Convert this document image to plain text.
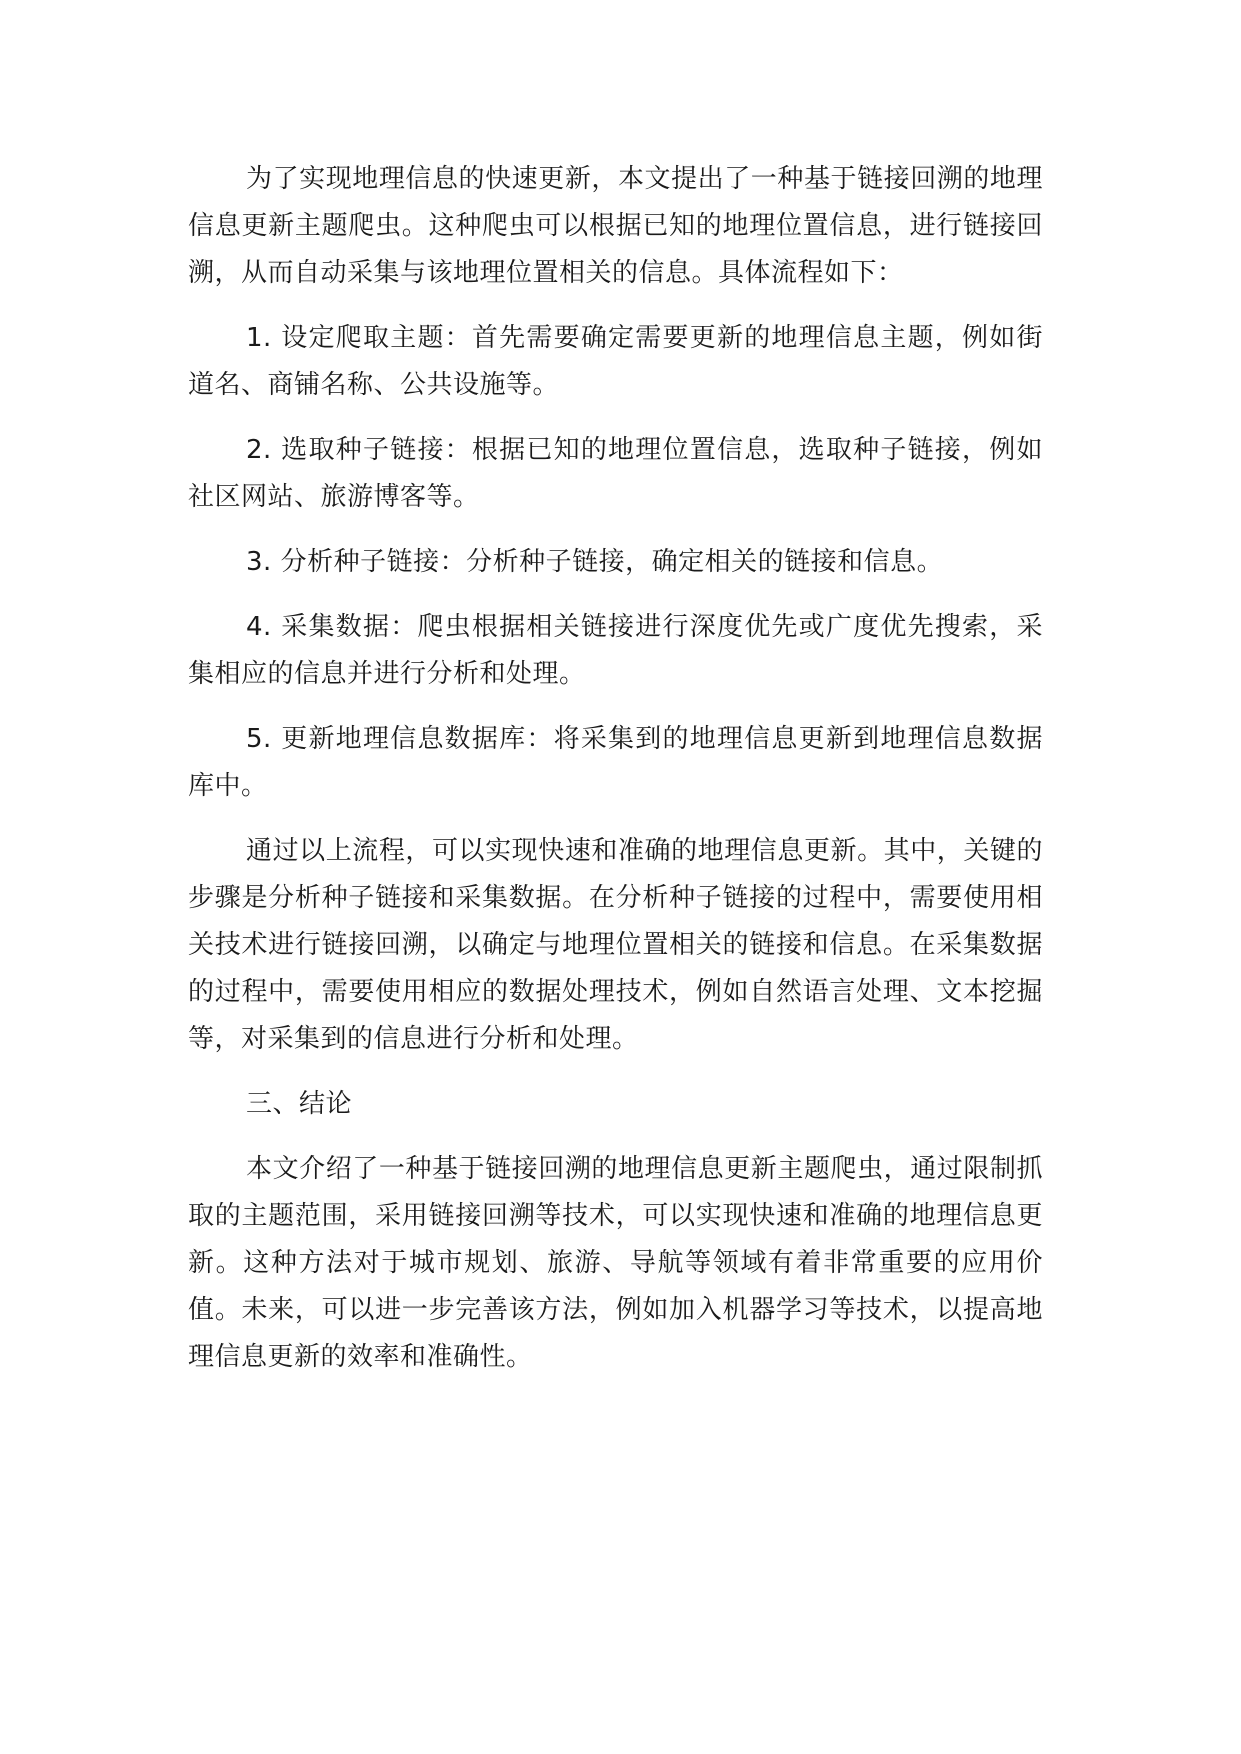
为了实现地理信息的快速更新，本文提出了一种基于链接回溯的地理信息更新主题爬虫。这种爬虫可以根据已知的地理位置信息，进行链接回溯，从而自动采集与该地理位置相关的信息。具体流程如下：

1. 设定爬取主题：首先需要确定需要更新的地理信息主题，例如街道名、商铺名称、公共设施等。

2. 选取种子链接：根据已知的地理位置信息，选取种子链接，例如社区网站、旅游博客等。

3. 分析种子链接：分析种子链接，确定相关的链接和信息。

4. 采集数据：爬虫根据相关链接进行深度优先或广度优先搜索，采集相应的信息并进行分析和处理。

5. 更新地理信息数据库：将采集到的地理信息更新到地理信息数据库中。

通过以上流程，可以实现快速和准确的地理信息更新。其中，关键的步骤是分析种子链接和采集数据。在分析种子链接的过程中，需要使用相关技术进行链接回溯，以确定与地理位置相关的链接和信息。在采集数据的过程中，需要使用相应的数据处理技术，例如自然语言处理、文本挖掘等，对采集到的信息进行分析和处理。

三、结论

本文介绍了一种基于链接回溯的地理信息更新主题爬虫，通过限制抓取的主题范围，采用链接回溯等技术，可以实现快速和准确的地理信息更新。这种方法对于城市规划、旅游、导航等领域有着非常重要的应用价值。未来，可以进一步完善该方法，例如加入机器学习等技术，以提高地理信息更新的效率和准确性。
